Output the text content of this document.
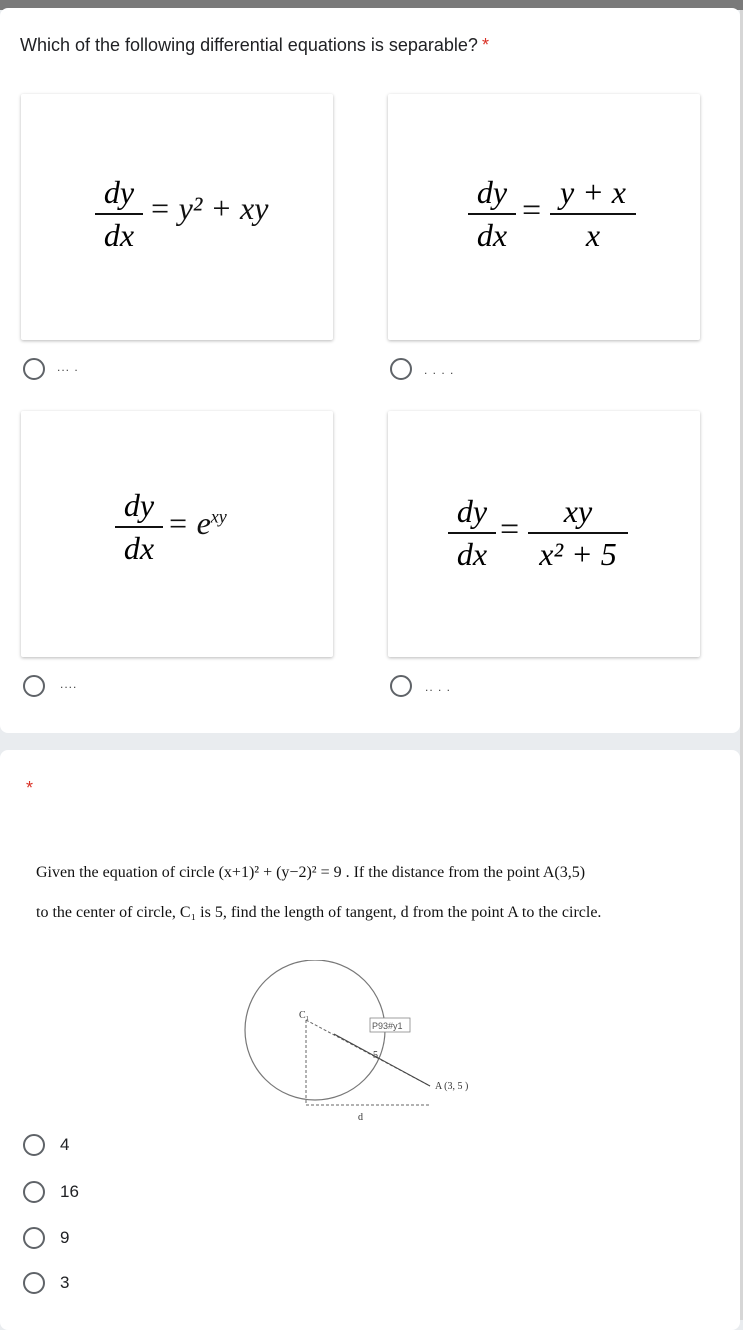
Which of the following differential equations is separable? *
$\frac{dy}{dx} = y^2$ + xy
... .
$\frac{dy}{dx} = \frac{y + x}{x}$
. . . .
$\frac{dy}{dx} = e^{xy}$
....
$\frac{dy}{dx} = \frac{xy}{\text{x² + 5}}$
.. . .
*
Given the equation of circle (x+1)² + (y−2)² = 9 . If the distance from the point A(3,5)
to the center of circle, C₁ is 5, find the length of tangent, d from the point A to the circle.
P93#y1
C₁
5
A (3, 5 )
d
4
16
9
3
